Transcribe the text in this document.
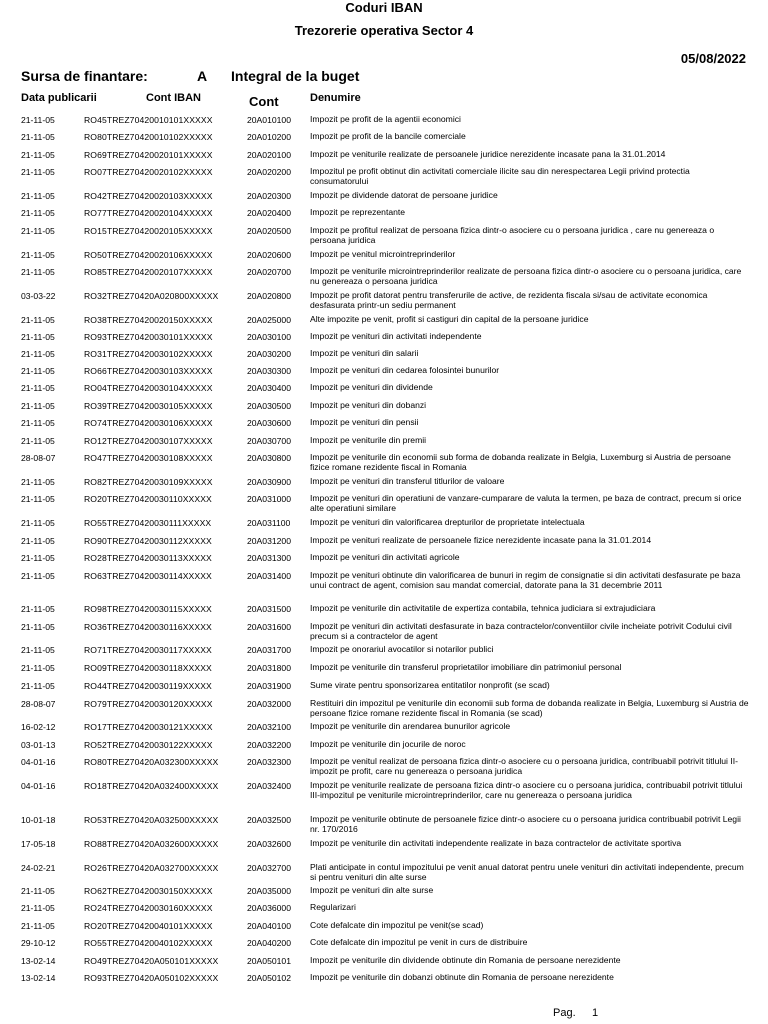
Coduri IBAN
Trezorerie operativa Sector 4
05/08/2022
Sursa de finantare:	A Integral de la buget
Data publicarii	Cont IBAN	Cont	Denumire
21-11-05	RO45TREZ70420010101XXXXX	20A010100 Impozit pe profit de la agentii economici
21-11-05	RO80TREZ70420010102XXXXX	20A010200 Impozit pe profit de la bancile comerciale
21-11-05	RO69TREZ70420020101XXXXX	20A020100 Impozit pe veniturile realizate de persoanele juridice nerezidente incasate pana la 31.01.2014
21-11-05	RO07TREZ70420020102XXXXX	20A020200 Impozitul pe profit obtinut din activitati comerciale ilicite sau din nerespectarea Legii privind protectia consumatorului
21-11-05	RO42TREZ70420020103XXXXX	20A020300 Impozit pe dividende datorat de persoane juridice
21-11-05	RO77TREZ70420020104XXXXX	20A020400 Impozit pe reprezentante
21-11-05	RO15TREZ70420020105XXXXX	20A020500 Impozit pe profitul realizat de persoana fizica dintr-o asociere cu o persoana juridica , care nu genereaza o persoana juridica
21-11-05	RO50TREZ70420020106XXXXX	20A020600 Impozit pe venitul microintreprinderilor
21-11-05	RO85TREZ70420020107XXXXX	20A020700 Impozit pe veniturile microintreprinderilor realizate de persoana fizica dintr-o asociere cu o persoana juridica, care nu genereaza o persoana juridica
03-03-22	RO32TREZ70420A020800XXXXX	20A020800 Impozit pe profit datorat pentru transferurile de active, de rezidenta fiscala si/sau de activitate economica desfasurata printr-un sediu permanent
21-11-05	RO38TREZ70420020150XXXXX	20A025000 Alte impozite pe venit, profit si castiguri din capital de la persoane juridice
21-11-05	RO93TREZ70420030101XXXXX	20A030100 Impozit pe venituri din activitati independente
21-11-05	RO31TREZ70420030102XXXXX	20A030200 Impozit pe venituri din salarii
21-11-05	RO66TREZ70420030103XXXXX	20A030300 Impozit pe venituri din cedarea folosintei bunurilor
21-11-05	RO04TREZ70420030104XXXXX	20A030400 Impozit pe venituri din dividende
21-11-05	RO39TREZ70420030105XXXXX	20A030500 Impozit pe venituri din dobanzi
21-11-05	RO74TREZ70420030106XXXXX	20A030600 Impozit pe venituri din pensii
21-11-05	RO12TREZ70420030107XXXXX	20A030700 Impozit pe veniturile din premii
28-08-07	RO47TREZ70420030108XXXXX	20A030800 Impozit pe veniturile din economii sub forma de dobanda realizate in Belgia, Luxemburg si Austria de persoane fizice romane rezidente fiscal in Romania
21-11-05	RO82TREZ70420030109XXXXX	20A030900 Impozit pe venituri din transferul titlurilor de valoare
21-11-05	RO20TREZ70420030110XXXXX	20A031000 Impozit pe venituri din operatiuni de vanzare-cumparare de valuta la termen, pe baza de contract, precum si orice alte operatiuni similare
21-11-05	RO55TREZ70420030111XXXXX	20A031100 Impozit pe venituri din valorificarea drepturilor de proprietate intelectuala
21-11-05	RO90TREZ70420030112XXXXX	20A031200 Impozit pe venituri realizate de persoanele fizice nerezidente incasate pana la 31.01.2014
21-11-05	RO28TREZ70420030113XXXXX	20A031300 Impozit pe venituri din activitati agricole
21-11-05	RO63TREZ70420030114XXXXX	20A031400 Impozit pe venituri obtinute din valorificarea de bunuri in regim de consignatie si din activitati desfasurate pe baza unui contract de agent, comision sau mandat comercial, datorate pana la 31 decembrie 2011
21-11-05	RO98TREZ70420030115XXXXX	20A031500 Impozit pe veniturile din activitatile de expertiza contabila, tehnica judiciara si extrajudiciara
21-11-05	RO36TREZ70420030116XXXXX	20A031600 Impozit pe venituri din activitati desfasurate in baza contractelor/conventiilor civile incheiate potrivit Codului civil precum si a contractelor de agent
21-11-05	RO71TREZ70420030117XXXXX	20A031700 Impozit pe onorariul avocatilor si notarilor publici
21-11-05	RO09TREZ70420030118XXXXX	20A031800 Impozit pe veniturile din transferul proprietatilor imobiliare din patrimoniul personal
21-11-05	RO44TREZ70420030119XXXXX	20A031900 Sume virate pentru sponsorizarea entitatilor nonprofit (se scad)
28-08-07	RO79TREZ70420030120XXXXX	20A032000 Restituiri din impozitul pe veniturile din economii sub forma de dobanda realizate in Belgia, Luxemburg si Austria de persoane fizice romane rezidente fiscal in Romania (se scad)
16-02-12	RO17TREZ70420030121XXXXX	20A032100 Impozit pe veniturile din arendarea bunurilor agricole
03-01-13	RO52TREZ70420030122XXXXX	20A032200 Impozit pe veniturile din jocurile de noroc
04-01-16	RO80TREZ70420A032300XXXXX	20A032300 Impozit pe venitul realizat de persoana fizica dintr-o asociere cu o persoana juridica, contribuabil potrivit titlului II-impozit pe profit, care nu genereaza o persoana juridica
04-01-16	RO18TREZ70420A032400XXXXX	20A032400 Impozit pe veniturile realizate de persoana fizica dintr-o asociere cu o persoana juridica, contribuabil potrivit titlului III-impozitul pe veniturile microintreprinderilor, care nu genereaza o persoana juridica
10-01-18	RO53TREZ70420A032500XXXXX	20A032500 Impozit pe veniturile obtinute de persoanele fizice dintr-o asociere cu o persoana juridica contribuabil potrivit Legii nr. 170/2016
17-05-18	RO88TREZ70420A032600XXXXX	20A032600 Impozit pe veniturile din activitati independente realizate in baza contractelor de activitate sportiva
24-02-21	RO26TREZ70420A032700XXXXX	20A032700 Plati anticipate in contul impozitului pe venit anual datorat pentru unele venituri din activitati independente, precum si pentru venituri din alte surse
21-11-05	RO62TREZ70420030150XXXXX	20A035000 Impozit pe venituri din alte surse
21-11-05	RO24TREZ70420030160XXXXX	20A036000 Regularizari
21-11-05	RO20TREZ70420040101XXXXX	20A040100 Cote defalcate din impozitul pe venit(se scad)
29-10-12	RO55TREZ70420040102XXXXX	20A040200 Cote defalcate din impozitul pe venit in curs de distribuire
13-02-14	RO49TREZ70420A050101XXXXX	20A050101 Impozit pe veniturile din dividende obtinute din Romania de persoane nerezidente
13-02-14	RO93TREZ70420A050102XXXXX	20A050102 Impozit pe veniturile din dobanzi obtinute din Romania de persoane nerezidente
Pag. 1
